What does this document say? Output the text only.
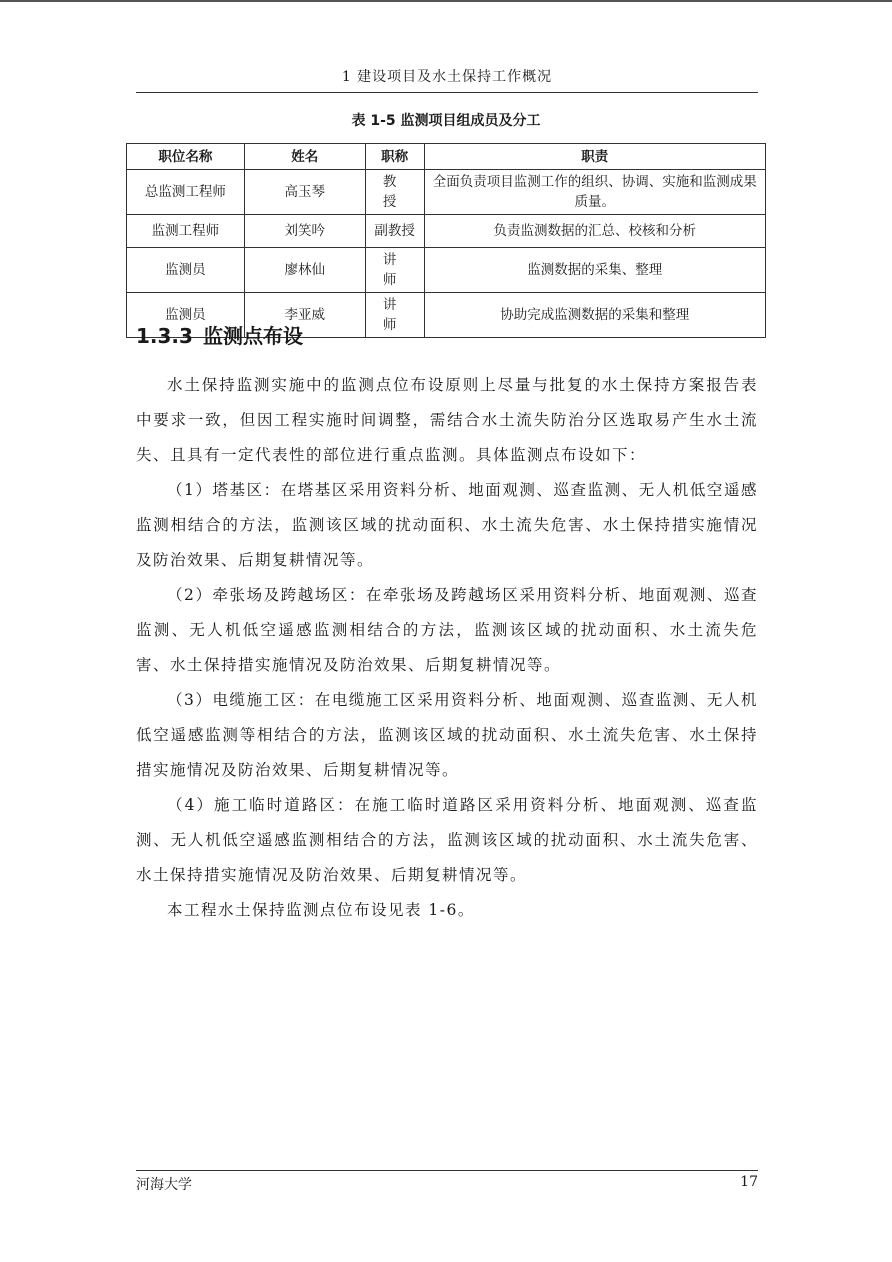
1 建设项目及水土保持工作概况
表 1-5 监测项目组成员及分工
职位名称	姓名	职称	职责
总监测工程师	高玉琴	教授	全面负责项目监测工作的组织、协调、实施和监测成果质量。
监测工程师	刘笑吟	副教授	负责监测数据的汇总、校核和分析
监测员	廖林仙	讲师	监测数据的采集、整理
监测员	李亚威	讲师	协助完成监测数据的采集和整理
1.3.3 监测点布设

水土保持监测实施中的监测点位布设原则上尽量与批复的水土保持方案报告表中要求一致，但因工程实施时间调整，需结合水土流失防治分区选取易产生水土流失、且具有一定代表性的部位进行重点监测。具体监测点布设如下：

（1）塔基区：在塔基区采用资料分析、地面观测、巡查监测、无人机低空遥感监测相结合的方法，监测该区域的扰动面积、水土流失危害、水土保持措实施情况及防治效果、后期复耕情况等。

（2）牵张场及跨越场区：在牵张场及跨越场区采用资料分析、地面观测、巡查监测、无人机低空遥感监测相结合的方法，监测该区域的扰动面积、水土流失危害、水土保持措实施情况及防治效果、后期复耕情况等。

（3）电缆施工区：在电缆施工区采用资料分析、地面观测、巡查监测、无人机低空遥感监测等相结合的方法，监测该区域的扰动面积、水土流失危害、水土保持措实施情况及防治效果、后期复耕情况等。

（4）施工临时道路区：在施工临时道路区采用资料分析、地面观测、巡查监测、无人机低空遥感监测相结合的方法，监测该区域的扰动面积、水土流失危害、水土保持措实施情况及防治效果、后期复耕情况等。

本工程水土保持监测点位布设见表 1-6。

河海大学	17
